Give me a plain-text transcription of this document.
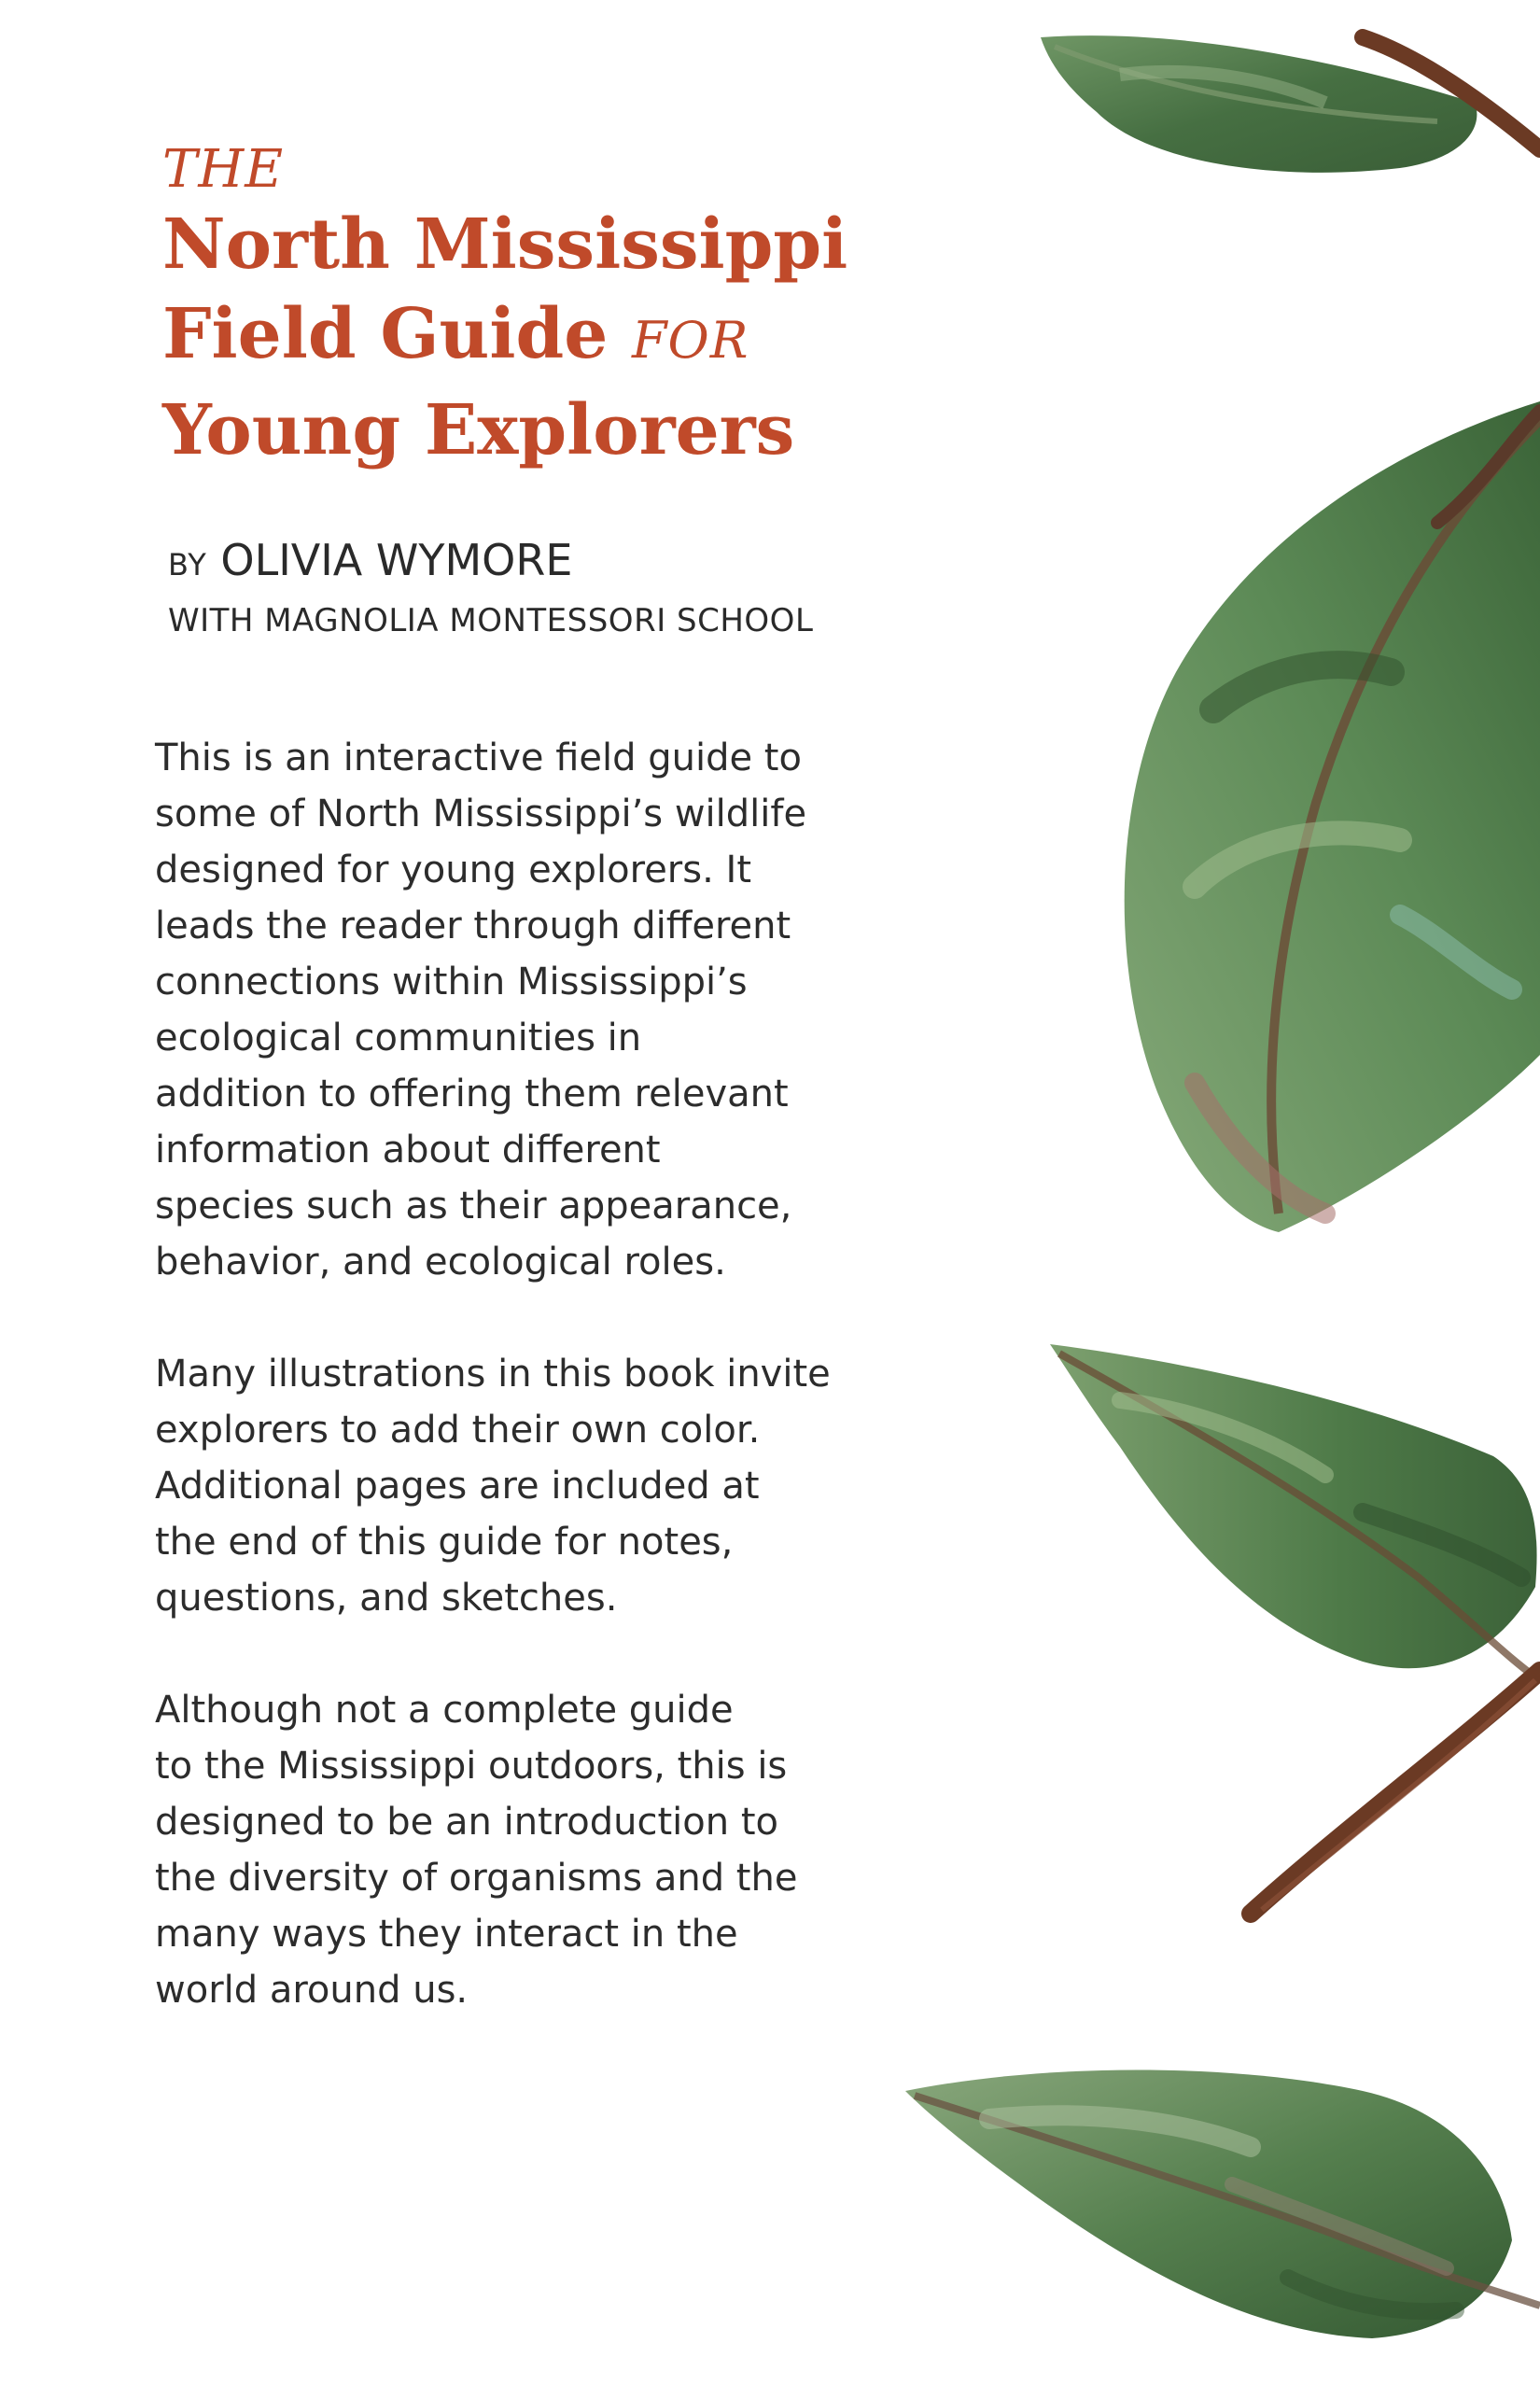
THE
North Mississippi
Field Guide FOR
Young Explorers
BY OLIVIA WYMORE
WITH MAGNOLIA MONTESSORI SCHOOL
This is an interactive field guide to
some of North Mississippi’s wildlife
designed for young explorers. It
leads the reader through different
connections within Mississippi’s
ecological communities in
addition to offering them relevant
information about different
species such as their appearance,
behavior, and ecological roles.
Many illustrations in this book invite
explorers to add their own color.
Additional pages are included at
the end of this guide for notes,
questions, and sketches.
Although not a complete guide
to the Mississippi outdoors, this is
designed to be an introduction to
the diversity of organisms and the
many ways they interact in the
world around us.
